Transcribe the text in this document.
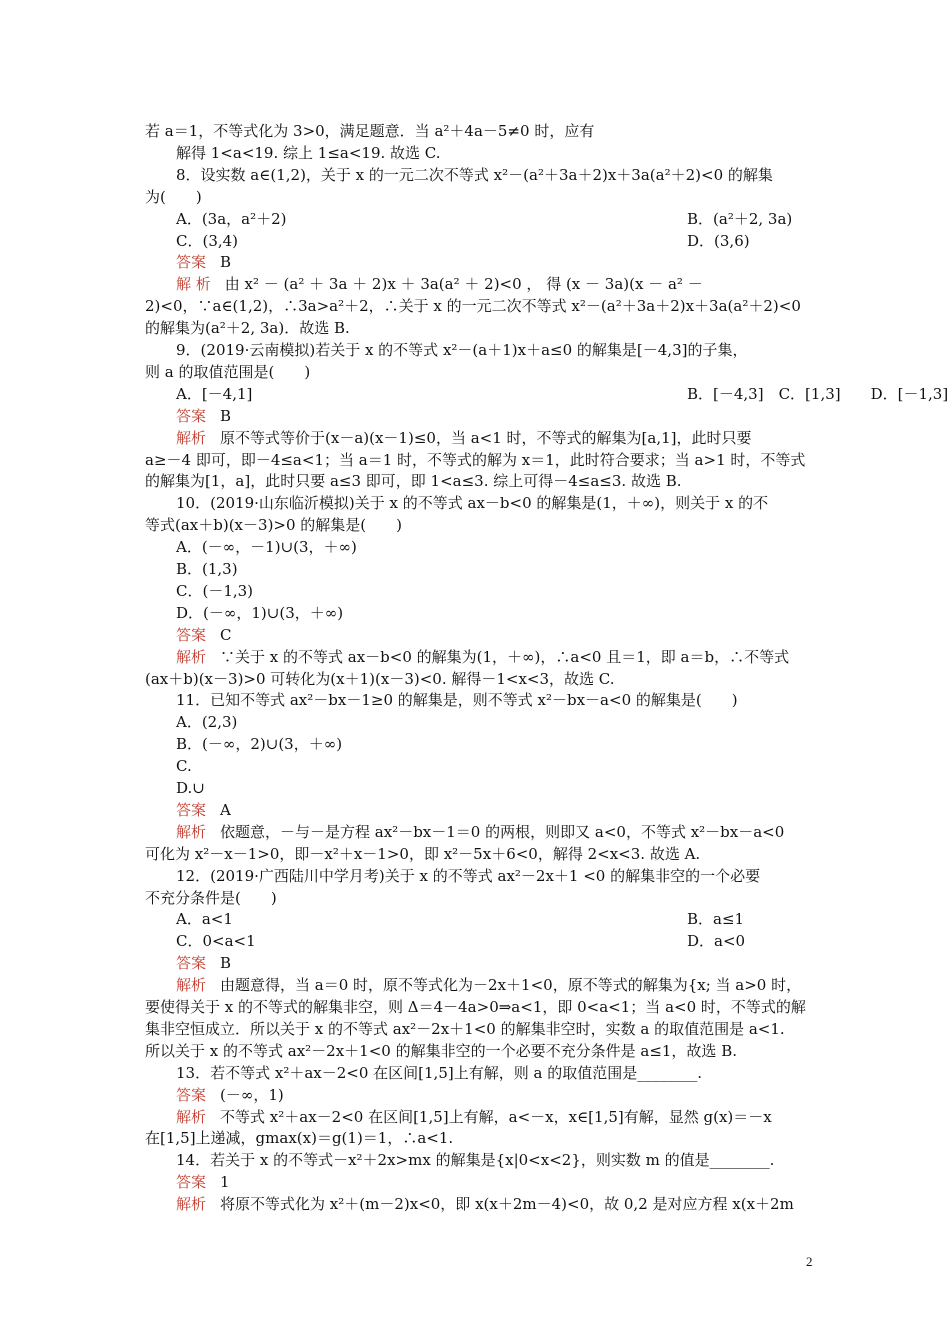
若 a＝1，不等式化为 3>0，满足题意．当 a²＋4a－5≠0 时，应有
解得 1<a<19. 综上 1≤a<19. 故选 C.
8．设实数 a∈(1,2)，关于 x 的一元二次不等式 x²－(a²＋3a＋2)x＋3a(a²＋2)<0 的解集
为(　　)
A．(3a，a²＋2)	B．(a²＋2, 3a)
C．(3,4)	D．(3,6)
答案 B
解 析 由 x² － (a² ＋ 3a ＋ 2)x ＋ 3a(a² ＋ 2)<0 ， 得 (x － 3a)(x － a² －
2)<0，∵a∈(1,2)，∴3a>a²＋2，∴关于 x 的一元二次不等式 x²－(a²＋3a＋2)x＋3a(a²＋2)<0
的解集为(a²＋2, 3a)．故选 B.
9．(2019·云南模拟)若关于 x 的不等式 x²－(a＋1)x＋a≤0 的解集是[－4,3]的子集，
则 a 的取值范围是(　　)
A．[－4,1]	B．[－4,3]　C．[1,3]　　D．[－1,3]
答案 B
解析 原不等式等价于(x－a)(x－1)≤0，当 a<1 时，不等式的解集为[a,1]，此时只要
a≥－4 即可，即－4≤a<1；当 a＝1 时，不等式的解为 x＝1，此时符合要求；当 a>1 时，不等式
的解集为[1，a]，此时只要 a≤3 即可，即 1<a≤3. 综上可得－4≤a≤3. 故选 B.
10．(2019·山东临沂模拟)关于 x 的不等式 ax－b<0 的解集是(1，＋∞)，则关于 x 的不
等式(ax＋b)(x－3)>0 的解集是(　　)
A．(－∞，－1)∪(3，＋∞)
B．(1,3)
C．(－1,3)
D．(－∞，1)∪(3，＋∞)
答案 C
解析 ∵关于 x 的不等式 ax－b<0 的解集为(1，＋∞)，∴a<0 且＝1，即 a＝b，∴不等式
(ax＋b)(x－3)>0 可转化为(x＋1)(x－3)<0. 解得－1<x<3，故选 C.
11．已知不等式 ax²－bx－1≥0 的解集是，则不等式 x²－bx－a<0 的解集是(　　)
A．(2,3)
B．(－∞，2)∪(3，＋∞)
C.
D.∪
答案 A
解析 依题意，－与－是方程 ax²－bx－1＝0 的两根，则即又 a<0，不等式 x²－bx－a<0
可化为 x²－x－1>0，即－x²＋x－1>0，即 x²－5x＋6<0，解得 2<x<3. 故选 A.
12．(2019·广西陆川中学月考)关于 x 的不等式 ax²－2x＋1 <0 的解集非空的一个必要
不充分条件是(　　)
A．a<1	B．a≤1
C．0<a<1	D．a<0
答案 B
解析 由题意得，当 a＝0 时，原不等式化为－2x＋1<0，原不等式的解集为{x; 当 a>0 时，
要使得关于 x 的不等式的解集非空，则 Δ＝4－4a>0⇒a<1，即 0<a<1；当 a<0 时，不等式的解
集非空恒成立．所以关于 x 的不等式 ax²－2x＋1<0 的解集非空时，实数 a 的取值范围是 a<1.
所以关于 x 的不等式 ax²－2x＋1<0 的解集非空的一个必要不充分条件是 a≤1，故选 B.
13．若不等式 x²＋ax－2<0 在区间[1,5]上有解，则 a 的取值范围是________.
答案 (－∞，1)
解析 不等式 x²＋ax－2<0 在区间[1,5]上有解，a<－x，x∈[1,5]有解，显然 g(x)＝－x
在[1,5]上递减，gmax(x)＝g(1)＝1，∴a<1.
14．若关于 x 的不等式－x²＋2x>mx 的解集是{x|0<x<2}，则实数 m 的值是________.
答案 1
解析 将原不等式化为 x²＋(m－2)x<0，即 x(x＋2m－4)<0，故 0,2 是对应方程 x(x＋2m
2
